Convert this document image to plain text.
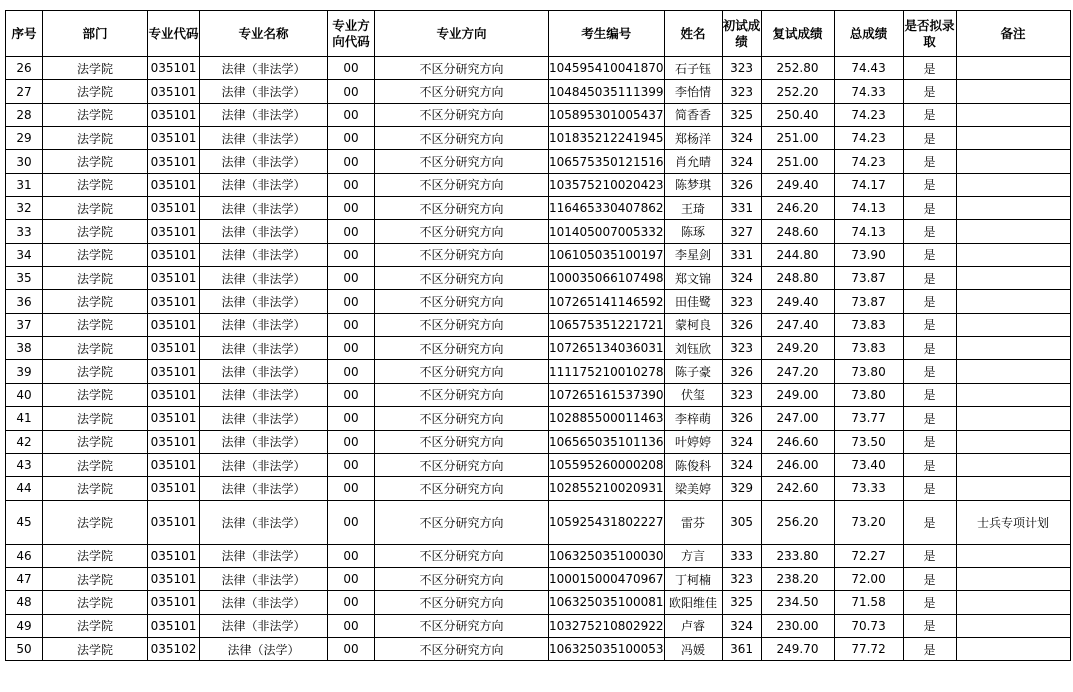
序号	部门	专业代码	专业名称	专业方向代码	专业方向	考生编号	姓名	初试成绩	复试成绩	总成绩	是否拟录取	备注
26	法学院	035101	法律（非法学）	00	不区分研究方向	104595410041870	石子钰	323	252.80	74.43	是	
27	法学院	035101	法律（非法学）	00	不区分研究方向	104845035111399	李怡情	323	252.20	74.33	是	
28	法学院	035101	法律（非法学）	00	不区分研究方向	105895301005437	简香香	325	250.40	74.23	是	
29	法学院	035101	法律（非法学）	00	不区分研究方向	101835212241945	郑杨洋	324	251.00	74.23	是	
30	法学院	035101	法律（非法学）	00	不区分研究方向	106575350121516	肖允晴	324	251.00	74.23	是	
31	法学院	035101	法律（非法学）	00	不区分研究方向	103575210020423	陈梦琪	326	249.40	74.17	是	
32	法学院	035101	法律（非法学）	00	不区分研究方向	116465330407862	王琦	331	246.20	74.13	是	
33	法学院	035101	法律（非法学）	00	不区分研究方向	101405007005332	陈琢	327	248.60	74.13	是	
34	法学院	035101	法律（非法学）	00	不区分研究方向	106105035100197	李星剑	331	244.80	73.90	是	
35	法学院	035101	法律（非法学）	00	不区分研究方向	100035066107498	郑文锦	324	248.80	73.87	是	
36	法学院	035101	法律（非法学）	00	不区分研究方向	107265141146592	田佳鹭	323	249.40	73.87	是	
37	法学院	035101	法律（非法学）	00	不区分研究方向	106575351221721	蒙柯良	326	247.40	73.83	是	
38	法学院	035101	法律（非法学）	00	不区分研究方向	107265134036031	刘钰欣	323	249.20	73.83	是	
39	法学院	035101	法律（非法学）	00	不区分研究方向	111175210010278	陈子豪	326	247.20	73.80	是	
40	法学院	035101	法律（非法学）	00	不区分研究方向	107265161537390	伏玺	323	249.00	73.80	是	
41	法学院	035101	法律（非法学）	00	不区分研究方向	102885500011463	李梓萌	326	247.00	73.77	是	
42	法学院	035101	法律（非法学）	00	不区分研究方向	106565035101136	叶婷婷	324	246.60	73.50	是	
43	法学院	035101	法律（非法学）	00	不区分研究方向	105595260000208	陈俊科	324	246.00	73.40	是	
44	法学院	035101	法律（非法学）	00	不区分研究方向	102855210020931	梁美婷	329	242.60	73.33	是	
45	法学院	035101	法律（非法学）	00	不区分研究方向	105925431802227	雷芬	305	256.20	73.20	是	士兵专项计划
46	法学院	035101	法律（非法学）	00	不区分研究方向	106325035100030	方言	333	233.80	72.27	是	
47	法学院	035101	法律（非法学）	00	不区分研究方向	100015000470967	丁柯楠	323	238.20	72.00	是	
48	法学院	035101	法律（非法学）	00	不区分研究方向	106325035100081	欧阳维佳	325	234.50	71.58	是	
49	法学院	035101	法律（非法学）	00	不区分研究方向	103275210802922	卢睿	324	230.00	70.73	是	
50	法学院	035102	法律（法学）	00	不区分研究方向	106325035100053	冯媛	361	249.70	77.72	是	
